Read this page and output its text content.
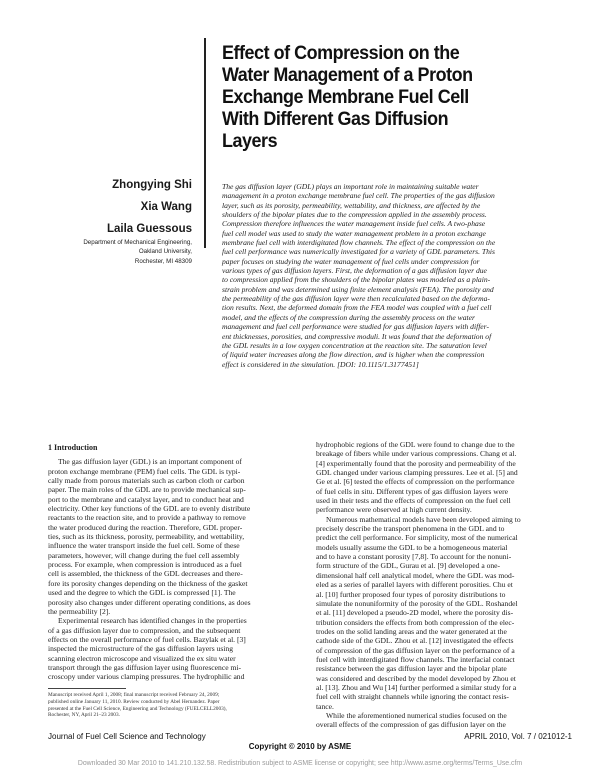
Effect of Compression on the
Water Management of a Proton
Exchange Membrane Fuel Cell
With Different Gas Diffusion
Layers
Zhongying Shi
Xia Wang
Laila Guessous
Department of Mechanical Engineering,
Oakland University,
Rochester, MI 48309
The gas diffusion layer (GDL) plays an important role in maintaining suitable water
management in a proton exchange membrane fuel cell. The properties of the gas diffusion
layer, such as its porosity, permeability, wettability, and thickness, are affected by the
shoulders of the bipolar plates due to the compression applied in the assembly process.
Compression therefore influences the water management inside fuel cells. A two-phase
fuel cell model was used to study the water management problem in a proton exchange
membrane fuel cell with interdigitated flow channels. The effect of the compression on the
fuel cell performance was numerically investigated for a variety of GDL parameters. This
paper focuses on studying the water management of fuel cells under compression for
various types of gas diffusion layers. First, the deformation of a gas diffusion layer due
to compression applied from the shoulders of the bipolar plates was modeled as a plain-
strain problem and was determined using finite element analysis (FEA). The porosity and
the permeability of the gas diffusion layer were then recalculated based on the deforma-
tion results. Next, the deformed domain from the FEA model was coupled with a fuel cell
model, and the effects of the compression during the assembly process on the water
management and fuel cell performance were studied for gas diffusion layers with differ-
ent thicknesses, porosities, and compressive moduli. It was found that the deformation of
the GDL results in a low oxygen concentration at the reaction site. The saturation level
of liquid water increases along the flow direction, and is higher when the compression
effect is considered in the simulation. [DOI: 10.1115/1.3177451]
1 Introduction
The gas diffusion layer (GDL) is an important component of
proton exchange membrane (PEM) fuel cells. The GDL is typi-
cally made from porous materials such as carbon cloth or carbon
paper. The main roles of the GDL are to provide mechanical sup-
port to the membrane and catalyst layer, and to conduct heat and
electricity. Other key functions of the GDL are to evenly distribute
reactants to the reaction site, and to provide a pathway to remove
the water produced during the reaction. Therefore, GDL proper-
ties, such as its thickness, porosity, permeability, and wettability,
influence the water transport inside the fuel cell. Some of these
parameters, however, will change during the fuel cell assembly
process. For example, when compression is introduced as a fuel
cell is assembled, the thickness of the GDL decreases and there-
fore its porosity changes depending on the thickness of the gasket
used and the degree to which the GDL is compressed [1]. The
porosity also changes under different operating conditions, as does
the permeability [2].
Experimental research has identified changes in the properties
of a gas diffusion layer due to compression, and the subsequent
effects on the overall performance of fuel cells. Bazylak et al. [3]
inspected the microstructure of the gas diffusion layers using
scanning electron microscope and visualized the ex situ water
transport through the gas diffusion layer using fluorescence mi-
croscopy under various clamping pressures. The hydrophilic and
hydrophobic regions of the GDL were found to change due to the
breakage of fibers while under various compressions. Chang et al.
[4] experimentally found that the porosity and permeability of the
GDL changed under various clamping pressures. Lee et al. [5] and
Ge et al. [6] tested the effects of compression on the performance
of fuel cells in situ. Different types of gas diffusion layers were
used in their tests and the effects of compression on the fuel cell
performance were observed at high current density.
Numerous mathematical models have been developed aiming to
precisely describe the transport phenomena in the GDL and to
predict the cell performance. For simplicity, most of the numerical
models usually assume the GDL to be a homogeneous material
and to have a constant porosity [7,8]. To account for the nonuni-
form structure of the GDL, Gurau et al. [9] developed a one-
dimensional half cell analytical model, where the GDL was mod-
eled as a series of parallel layers with different porosities. Chu et
al. [10] further proposed four types of porosity distributions to
simulate the nonuniformity of the porosity of the GDL. Roshandel
et al. [11] developed a pseudo-2D model, where the porosity dis-
tribution considers the effects from both compression of the elec-
trodes on the solid landing areas and the water generated at the
cathode side of the GDL. Zhou et al. [12] investigated the effects
of compression of the gas diffusion layer on the performance of a
fuel cell with interdigitated flow channels. The interfacial contact
resistance between the gas diffusion layer and the bipolar plate
was considered and described by the model developed by Zhou et
al. [13]. Zhou and Wu [14] further performed a similar study for a
fuel cell with straight channels while ignoring the contact resis-
tance.
While the aforementioned numerical studies focused on the
overall effects of the compression of gas diffusion layer on the
Manuscript received April 1, 2008; final manuscript received February 24, 2009;
published online January 11, 2010. Review conducted by Abel Hernandez. Paper
presented at the Fuel Cell Science, Engineering and Technology (FUELCELL2003),
Rochester, NY, April 21–23 2003.
Journal of Fuel Cell Science and Technology	APRIL 2010, Vol. 7 / 021012-1
Copyright © 2010 by ASME
Downloaded 30 Mar 2010 to 141.210.132.58. Redistribution subject to ASME license or copyright; see http://www.asme.org/terms/Terms_Use.cfm
